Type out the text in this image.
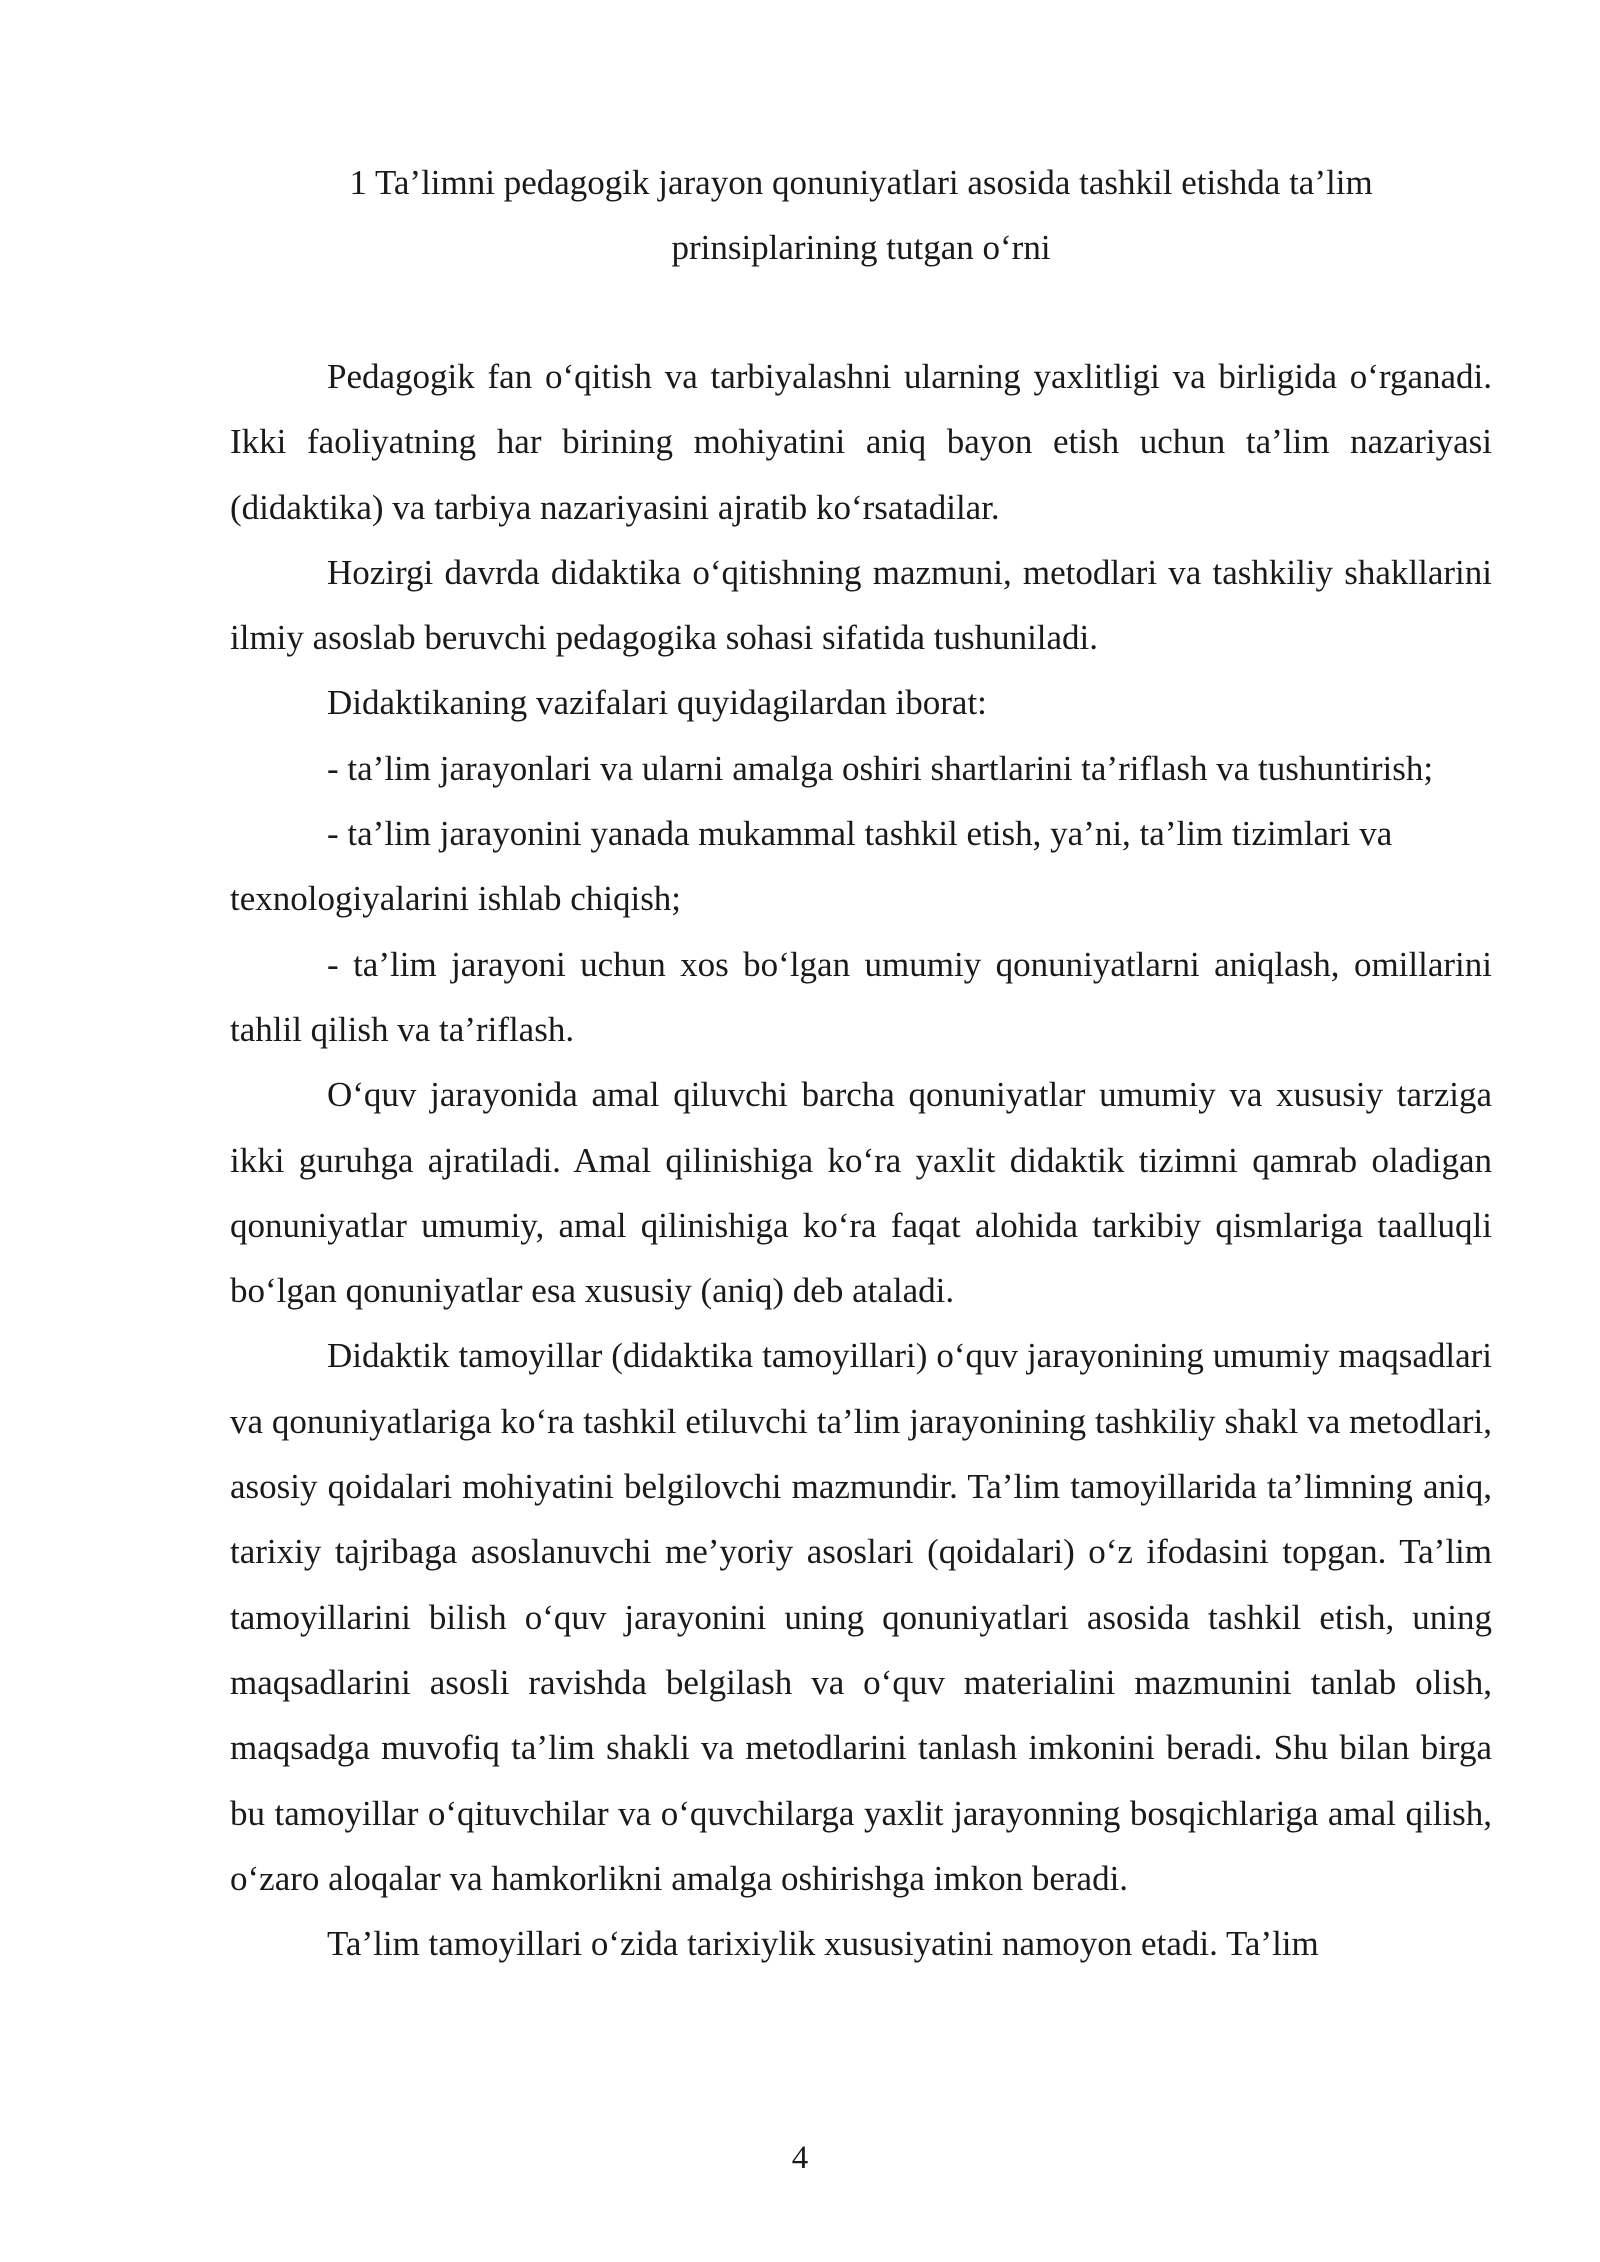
1 Ta’limni pedagogik jarayon qonuniyatlari asosida tashkil etishda ta’lim
prinsiplarining tutgan o‘rni

Pedagogik fan o‘qitish va tarbiyalashni ularning yaxlitligi va birligida o‘rganadi. Ikki faoliyatning har birining mohiyatini aniq bayon etish uchun ta’lim nazariyasi (didaktika) va tarbiya nazariyasini ajratib ko‘rsatadilar.

Hozirgi davrda didaktika o‘qitishning mazmuni, metodlari va tashkiliy shakllarini ilmiy asoslab beruvchi pedagogika sohasi sifatida tushuniladi.

Didaktikaning vazifalari quyidagilardan iborat:

- ta’lim jarayonlari va ularni amalga oshiri shartlarini ta’riflash va tushuntirish;

- ta’lim jarayonini yanada mukammal tashkil etish, ya’ni, ta’lim tizimlari va texnologiyalarini ishlab chiqish;

- ta’lim jarayoni uchun xos bo‘lgan umumiy qonuniyatlarni aniqlash, omillarini tahlil qilish va ta’riflash.

O‘quv jarayonida amal qiluvchi barcha qonuniyatlar umumiy va xususiy tarziga ikki guruhga ajratiladi. Amal qilinishiga ko‘ra yaxlit didaktik tizimni qamrab oladigan qonuniyatlar umumiy, amal qilinishiga ko‘ra faqat alohida tarkibiy qismlariga taalluqli bo‘lgan qonuniyatlar esa xususiy (aniq) deb ataladi.

Didaktik tamoyillar (didaktika tamoyillari) o‘quv jarayonining umumiy maqsadlari va qonuniyatlariga ko‘ra tashkil etiluvchi ta’lim jarayonining tashkiliy shakl va metodlari, asosiy qoidalari mohiyatini belgilovchi mazmundir. Ta’lim tamoyillarida ta’limning aniq, tarixiy tajribaga asoslanuvchi me’yoriy asoslari (qoidalari) o‘z ifodasini topgan. Ta’lim tamoyillarini bilish o‘quv jarayonini uning qonuniyatlari asosida tashkil etish, uning maqsadlarini asosli ravishda belgilash va o‘quv materialini mazmunini tanlab olish, maqsadga muvofiq ta’lim shakli va metodlarini tanlash imkonini beradi. Shu bilan birga bu tamoyillar o‘qituvchilar va o‘quvchilarga yaxlit jarayonning bosqichlariga amal qilish, o‘zaro aloqalar va hamkorlikni amalga oshirishga imkon beradi.

Ta’lim tamoyillari o‘zida tarixiylik xususiyatini namoyon etadi. Ta’lim

4
